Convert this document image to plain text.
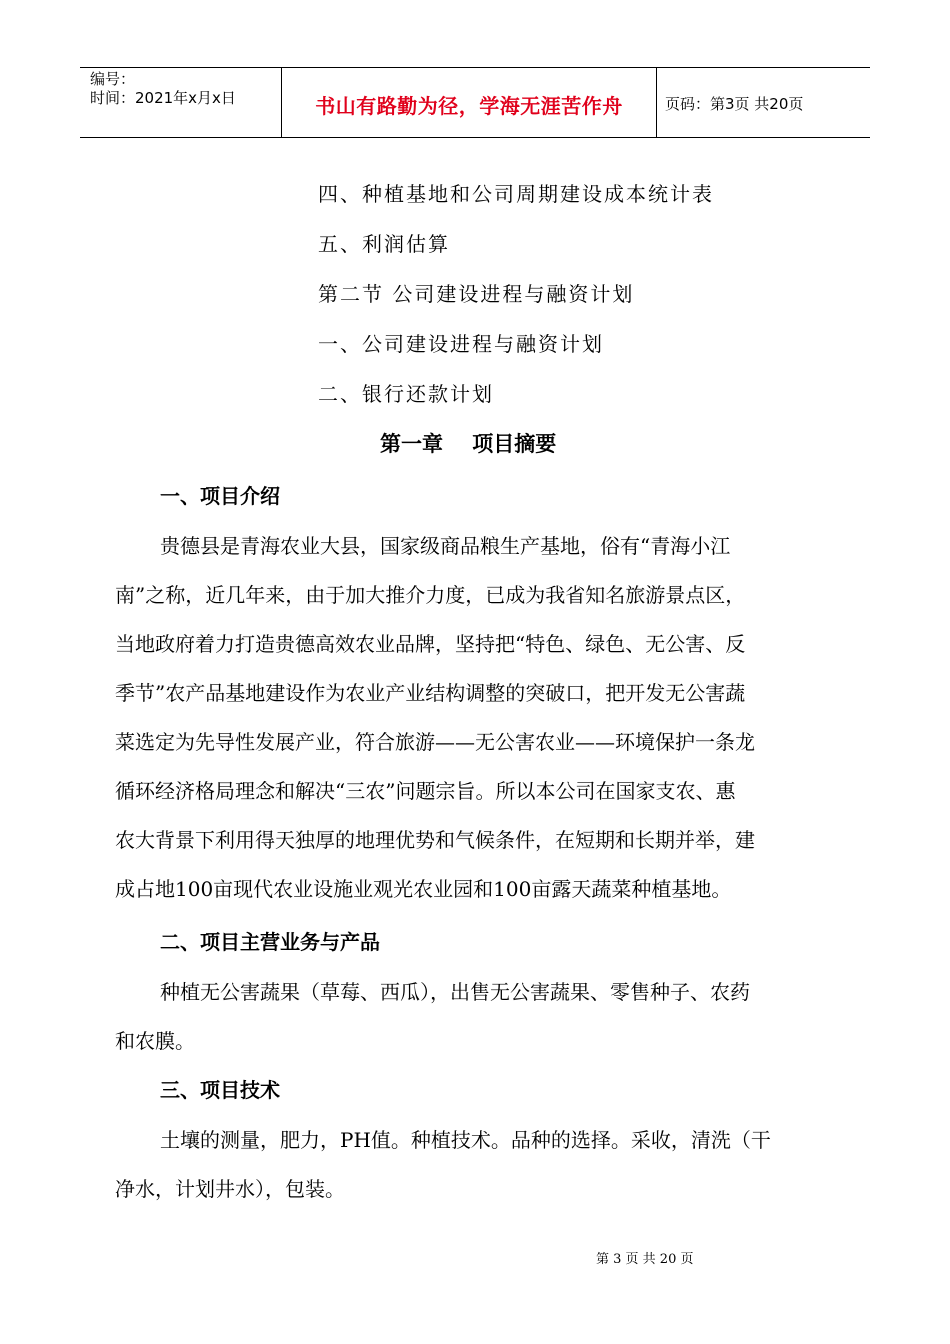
编号：
时间：2021年x月x日	书山有路勤为径，学海无涯苦作舟	页码：第3页 共20页
四、种植基地和公司周期建设成本统计表
五、利润估算
第二节 公司建设进程与融资计划
一、公司建设进程与融资计划
二、银行还款计划
第一章    项目摘要
一、项目介绍
贵德县是青海农业大县，国家级商品粮生产基地，俗有“青海小江
南”之称，近几年来，由于加大推介力度，已成为我省知名旅游景点区，
当地政府着力打造贵德高效农业品牌，坚持把“特色、绿色、无公害、反
季节”农产品基地建设作为农业产业结构调整的突破口，把开发无公害蔬
菜选定为先导性发展产业，符合旅游——无公害农业——环境保护一条龙
循环经济格局理念和解决“三农”问题宗旨。所以本公司在国家支农、惠
农大背景下利用得天独厚的地理优势和气候条件，在短期和长期并举，建
成占地100亩现代农业设施业观光农业园和100亩露天蔬菜种植基地。
二、项目主营业务与产品
种植无公害蔬果（草莓、西瓜），出售无公害蔬果、零售种子、农药
和农膜。
三、项目技术
土壤的测量，肥力，PH值。种植技术。品种的选择。采收，清洗（干
净水，计划井水），包装。
第 3 页 共 20 页
